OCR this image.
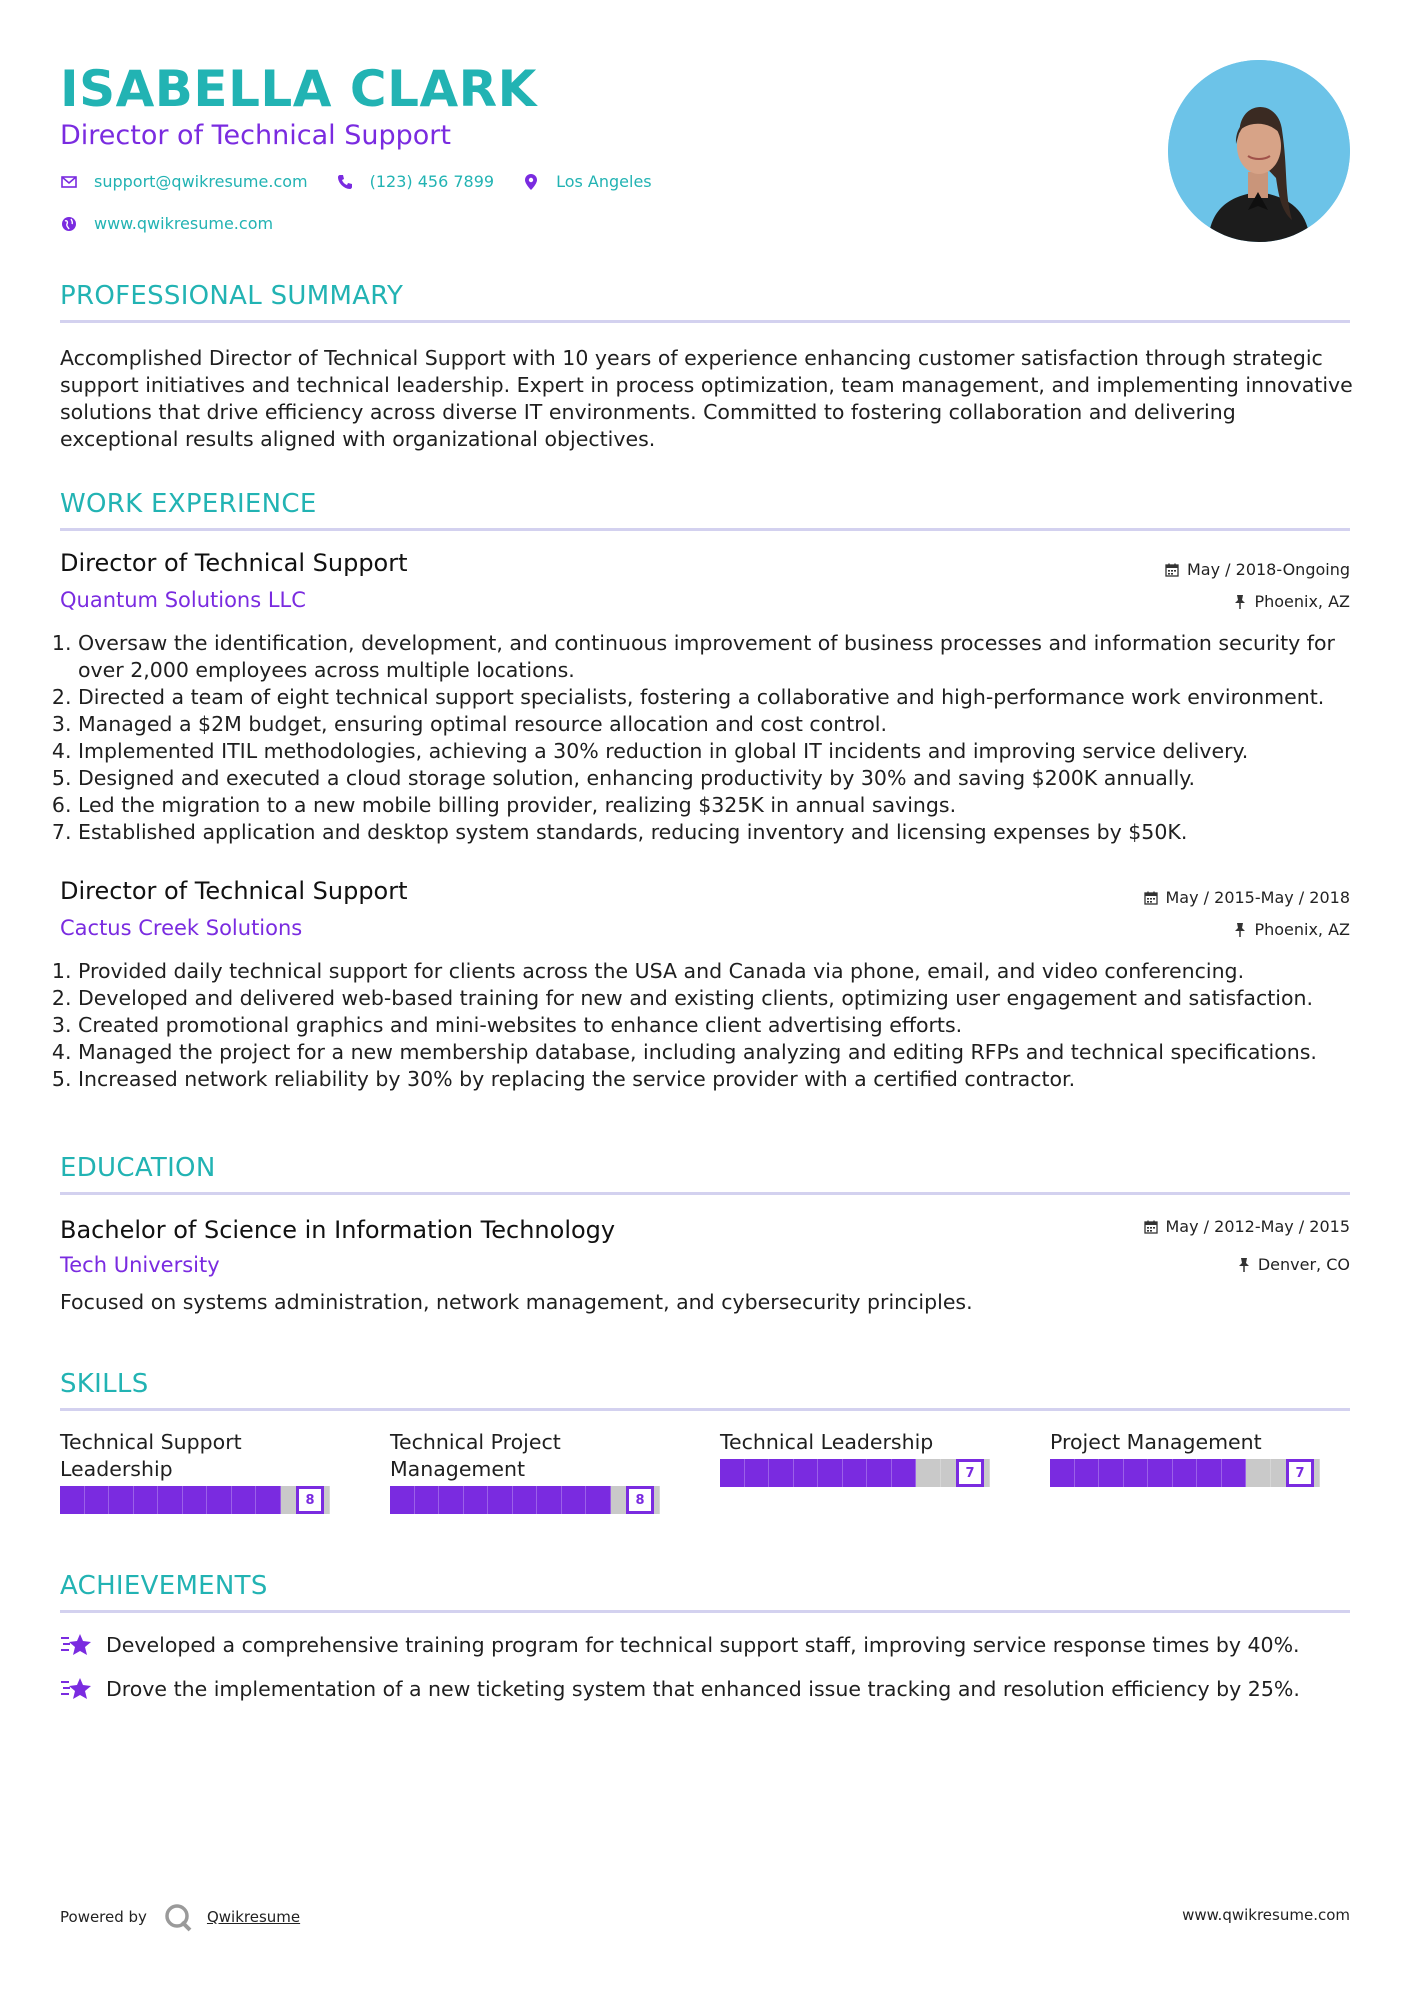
ISABELLA CLARK
Director of Technical Support
support@qwikresume.com	(123) 456 7899	Los Angeles
www.qwikresume.com
PROFESSIONAL SUMMARY
Accomplished Director of Technical Support with 10 years of experience enhancing customer satisfaction through strategic support initiatives and technical leadership. Expert in process optimization, team management, and implementing innovative solutions that drive efficiency across diverse IT environments. Committed to fostering collaboration and delivering exceptional results aligned with organizational objectives.
WORK EXPERIENCE
Director of Technical Support	May / 2018-Ongoing
Quantum Solutions LLC	Phoenix, AZ
1. Oversaw the identification, development, and continuous improvement of business processes and information security for over 2,000 employees across multiple locations.
2. Directed a team of eight technical support specialists, fostering a collaborative and high-performance work environment.
3. Managed a $2M budget, ensuring optimal resource allocation and cost control.
4. Implemented ITIL methodologies, achieving a 30% reduction in global IT incidents and improving service delivery.
5. Designed and executed a cloud storage solution, enhancing productivity by 30% and saving $200K annually.
6. Led the migration to a new mobile billing provider, realizing $325K in annual savings.
7. Established application and desktop system standards, reducing inventory and licensing expenses by $50K.
Director of Technical Support	May / 2015-May / 2018
Cactus Creek Solutions	Phoenix, AZ
1. Provided daily technical support for clients across the USA and Canada via phone, email, and video conferencing.
2. Developed and delivered web-based training for new and existing clients, optimizing user engagement and satisfaction.
3. Created promotional graphics and mini-websites to enhance client advertising efforts.
4. Managed the project for a new membership database, including analyzing and editing RFPs and technical specifications.
5. Increased network reliability by 30% by replacing the service provider with a certified contractor.
EDUCATION
Bachelor of Science in Information Technology	May / 2012-May / 2015
Tech University	Denver, CO
Focused on systems administration, network management, and cybersecurity principles.
SKILLS
Technical Support Leadership
8
Technical Project Management
8
Technical Leadership
7
Project Management
7
ACHIEVEMENTS
Developed a comprehensive training program for technical support staff, improving service response times by 40%.
Drove the implementation of a new ticketing system that enhanced issue tracking and resolution efficiency by 25%.
Powered by	Qwikresume	www.qwikresume.com
